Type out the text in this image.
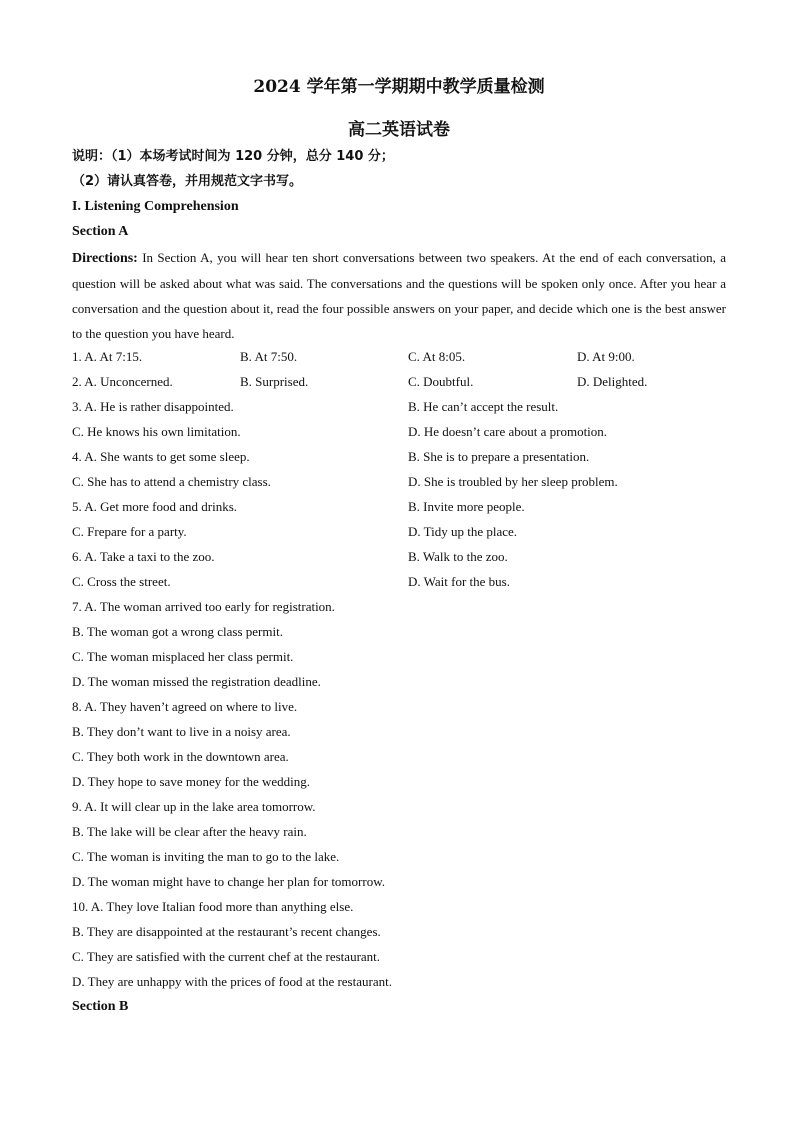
2024 学年第一学期期中教学质量检测
高二英语试卷
说明：（1）本场考试时间为 120 分钟，总分 140 分；
（2）请认真答卷，并用规范文字书写。
I. Listening Comprehension
Section A
Directions: In Section A, you will hear ten short conversations between two speakers. At the end of each conversation, a question will be asked about what was said. The conversations and the questions will be spoken only once. After you hear a conversation and the question about it, read the four possible answers on your paper, and decide which one is the best answer to the question you have heard.
1. A. At 7:15.	B. At 7:50.	C. At 8:05.	D. At 9:00.
2. A. Unconcerned.	B. Surprised.	C. Doubtful.	D. Delighted.
3. A. He is rather disappointed.	B. He can’t accept the result.
C. He knows his own limitation.	D. He doesn’t care about a promotion.
4. A. She wants to get some sleep.	B. She is to prepare a presentation.
C. She has to attend a chemistry class.	D. She is troubled by her sleep problem.
5. A. Get more food and drinks.	B. Invite more people.
C. Frepare for a party.	D. Tidy up the place.
6. A. Take a taxi to the zoo.	B. Walk to the zoo.
C. Cross the street.	D. Wait for the bus.
7. A. The woman arrived too early for registration.
B. The woman got a wrong class permit.
C. The woman misplaced her class permit.
D. The woman missed the registration deadline.
8. A. They haven’t agreed on where to live.
B. They don’t want to live in a noisy area.
C. They both work in the downtown area.
D. They hope to save money for the wedding.
9. A. It will clear up in the lake area tomorrow.
B. The lake will be clear after the heavy rain.
C. The woman is inviting the man to go to the lake.
D. The woman might have to change her plan for tomorrow.
10. A. They love Italian food more than anything else.
B. They are disappointed at the restaurant’s recent changes.
C. They are satisfied with the current chef at the restaurant.
D. They are unhappy with the prices of food at the restaurant.
Section B
